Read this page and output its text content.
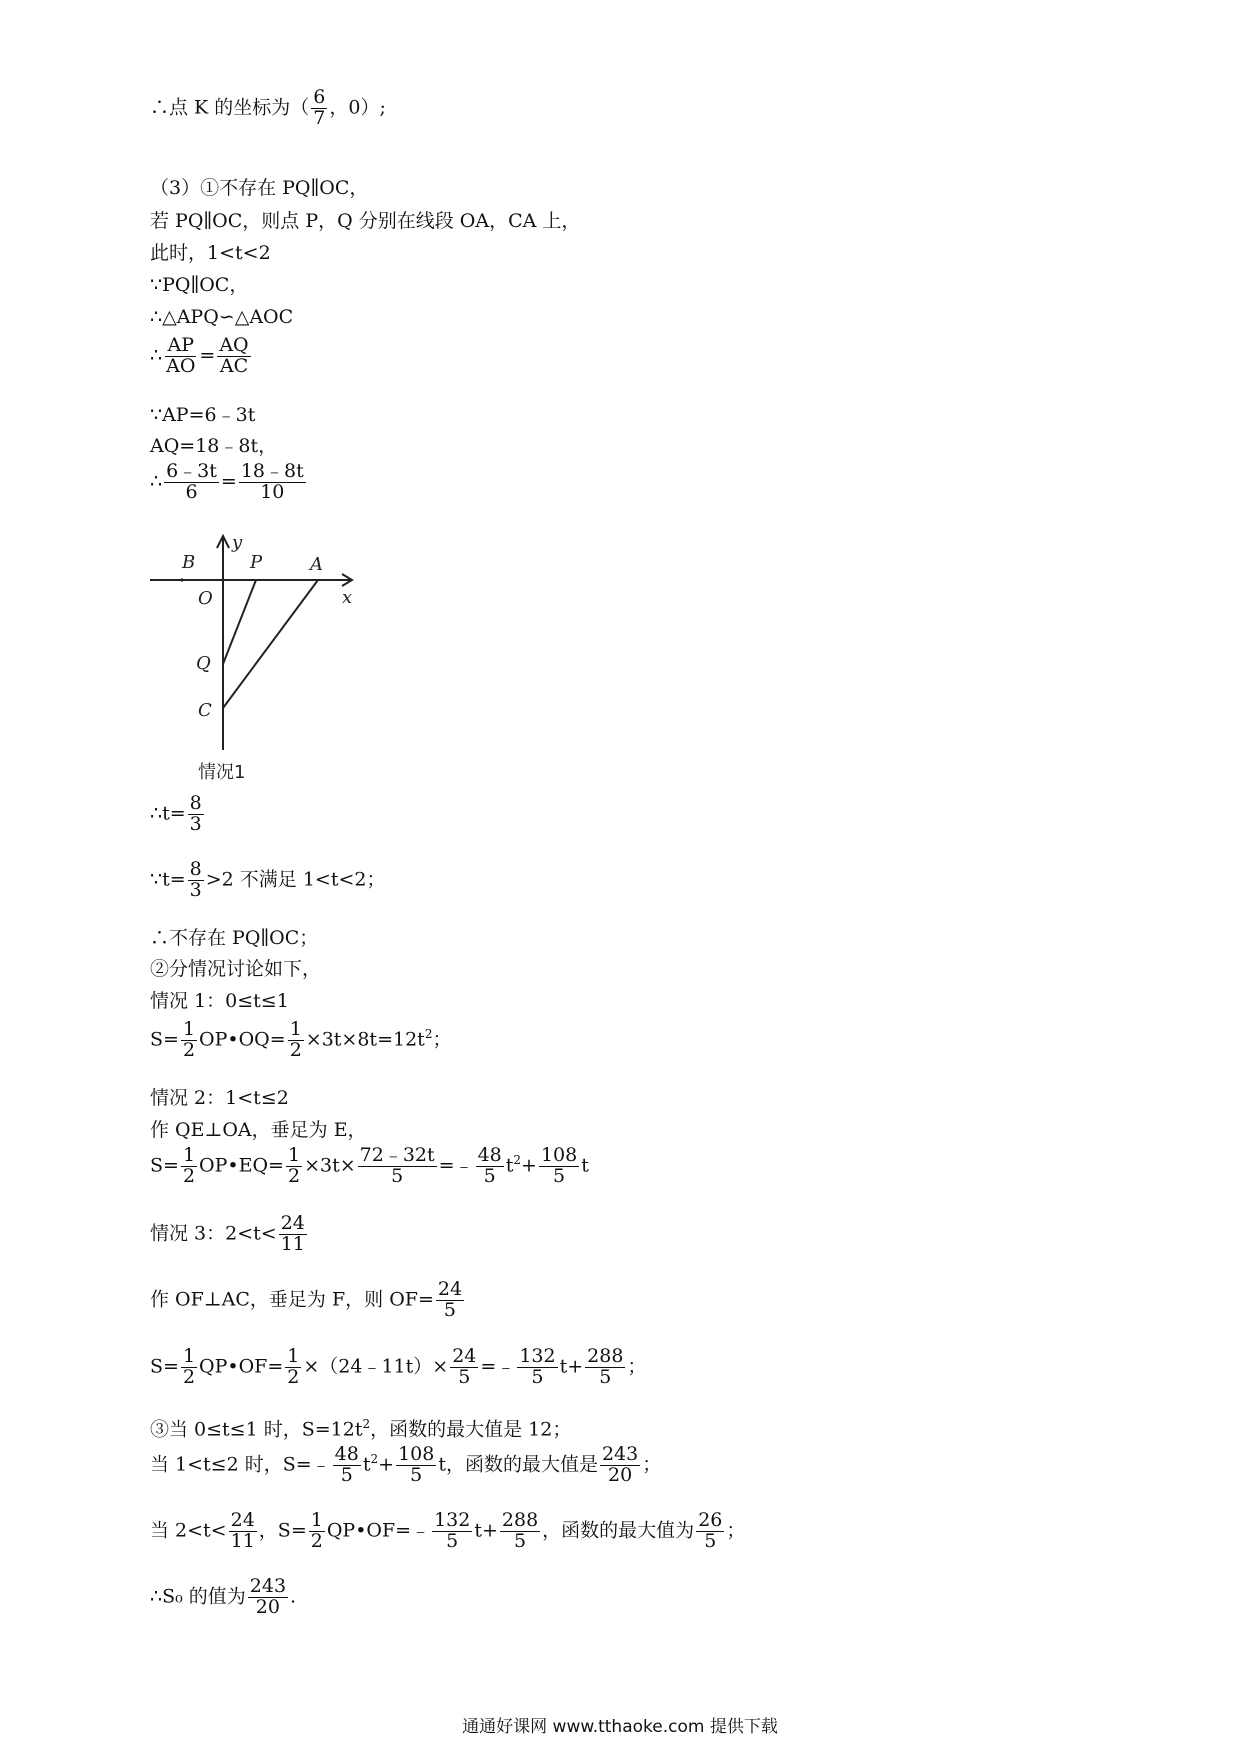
∴点 K 的坐标为（ $\frac{6}{7}$ ，0）;
（3）①不存在 PQ∥OC，
若 PQ∥OC，则点 P，Q 分别在线段 OA，CA 上，
此时，1<t<2
∵PQ∥OC，
∴△APQ∽△AOC
∴ $\frac{AP}{AO} = \frac{AQ}{AC}$
∵AP=6﹣3t
AQ=18﹣8t，
∴ $\frac{6﹣3t}{6} = \frac{18﹣8t}{10}$
B
y
P	A
x
O
Q
C
情况1
∴t= $\frac{8}{3}$
∵t= $\frac{8}{3} >2$ 不满足 1<t<2；
∴不存在 PQ∥OC；
②分情况讨论如下，
情况 1：0≤t≤1
$S= \frac{1}{2}$ OP•OQ= $\frac{1}{2} \times 3t\times 8t=12t^2$；
情况 2：1<t≤2
作 QE⊥OA，垂足为 E，
$S= \frac{1}{2}$ OP•EQ= $\frac{1}{2} \times 3t\times \frac{72﹣32t}{5}$ =﹣ $\frac{48}{5} t^2+ \frac{108}{5}$ t
情况 3：$2<t< \frac{24}{11}$
作 OF⊥AC，垂足为 F，则 $OF= \frac{24}{5}$
$S= \frac{1}{2}$ QP•OF= $\frac{1}{2}$ ×（24﹣11t）× $\frac{24}{5}$ =﹣ $\frac{132}{5} t+ \frac{288}{5}$ ；
③当 0≤t≤1 时，$S=12t^2$，函数的最大值是 12；
当 1<t≤2 时，S=﹣ $\frac{48}{5} t^2+ \frac{108}{5}$ t，函数的最大值是 $\frac{243}{20}$ ；
当 $2<t< \frac{24}{11}$ ，$S= \frac{1}{2}$ QP•OF=﹣ $\frac{132}{5} t+ \frac{288}{5}$ ，函数的最大值为 $\frac{26}{5}$ ；
∴S₀ 的值为 $\frac{243}{20}$ .
通通好课网 www.tthaoke.com 提供下载
